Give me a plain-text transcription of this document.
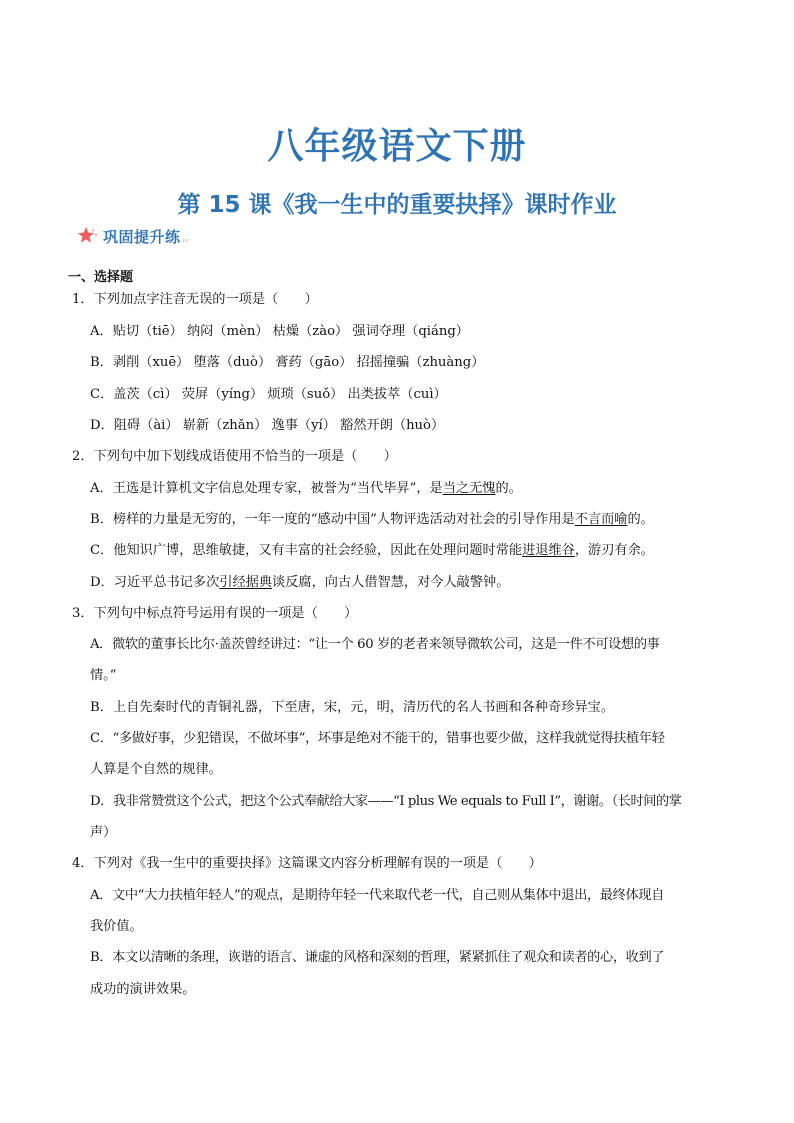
八年级语文下册
第 15 课《我一生中的重要抉择》课时作业
巩固提升练
一、选择题
1．下列加点字注音无误的一项是（　　）
A．贴切（tiē） 纳闷（mèn） 枯燥（zào） 强词夺理（qiáng）
B．剥削（xuē） 堕落（duò） 膏药（gāo） 招摇撞骗（zhuàng）
C．盖茨（cì） 荧屏（yíng） 烦琐（suǒ） 出类拔萃（cuì）
D．阻碍（ài） 崭新（zhǎn） 逸事（yí） 豁然开朗（huò）
2．下列句中加下划线成语使用不恰当的一项是（　　）
A．王选是计算机文字信息处理专家，被誉为“当代毕昇”，是当之无愧的。
B．榜样的力量是无穷的，一年一度的“感动中国”人物评选活动对社会的引导作用是不言而喻的。
C．他知识广博，思维敏捷，又有丰富的社会经验，因此在处理问题时常能进退维谷，游刃有余。
D．习近平总书记多次引经据典谈反腐，向古人借智慧，对今人敲警钟。
3．下列句中标点符号运用有误的一项是（　　）
A．微软的董事长比尔·盖茨曾经讲过：“让一个 60 岁的老者来领导微软公司，这是一件不可设想的事
情。”
B．上自先秦时代的青铜礼器，下至唐，宋，元，明，清历代的名人书画和各种奇珍异宝。
C．“多做好事，少犯错误，不做坏事”，坏事是绝对不能干的，错事也要少做，这样我就觉得扶植年轻
人算是个自然的规律。
D．我非常赞赏这个公式，把这个公式奉献给大家——“I plus We equals to Full I”，谢谢。（长时间的掌
声）
4．下列对《我一生中的重要抉择》这篇课文内容分析理解有误的一项是（　　）
A．文中“大力扶植年轻人”的观点，是期待年轻一代来取代老一代，自己则从集体中退出，最终体现自
我价值。
B．本文以清晰的条理，诙谐的语言、谦虚的风格和深刻的哲理，紧紧抓住了观众和读者的心，收到了
成功的演讲效果。
